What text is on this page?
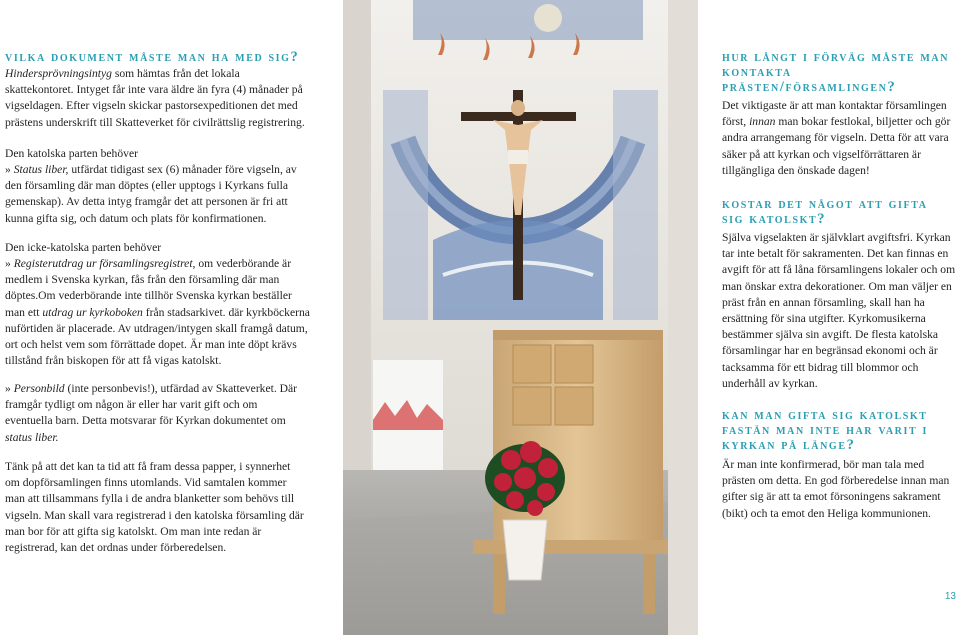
vilka dokument måste man ha med sig?

Hindersprövningsintyg som hämtas från det lokala skattekontoret. Intyget får inte vara äldre än fyra (4) månader på vigseldagen. Efter vigseln skickar pastorsexpeditionen det med prästens underskrift till Skatteverket för civilrättslig registrering.

Den katolska parten behöver

» Status liber, utfärdat tidigast sex (6) månader före vigseln, av den församling där man döptes (eller upptogs i Kyrkans fulla gemenskap). Av detta intyg framgår det att personen är fri att kunna gifta sig, och datum och plats för konfirmationen.

Den icke-katolska parten behöver

» Registerutdrag ur församlingsregistret, om vederbörande är medlem i Svenska kyrkan, fås från den församling där man döptes.Om vederbörande inte tillhör Svenska kyrkan beställer man ett utdrag ur kyrkoboken från stadsarkivet. där kyrkböckerna nuförtiden är placerade. Av utdragen/intygen skall framgå datum, ort och helst vem som förrättade dopet. Är man inte döpt krävs tillstånd från biskopen för att få vigas katolskt.

» Personbild (inte personbevis!), utfärdad av Skatteverket. Där framgår tydligt om någon är eller har varit gift och om eventuella barn. Detta motsvarar för Kyrkan dokumentet om status liber.

Tänk på att det kan ta tid att få fram dessa papper, i synnerhet om dopförsamlingen finns utomlands. Vid samtalen kommer man att tillsammans fylla i de andra blanketter som behövs till vigseln. Man skall vara registrerad i den katolska församling där man bor för att gifta sig katolskt. Om man inte redan är registrerad, kan det ordnas under förberedelsen.

hur långt i förväg måste man kontakta prästen/församlingen?

Det viktigaste är att man kontaktar församlingen först, innan man bokar festlokal, biljetter och gör andra arrangemang för vigseln. Detta för att vara säker på att kyrkan och vigselförrättaren är tillgängliga den önskade dagen!

kostar det något att gifta sig katolskt?

Själva vigselakten är självklart avgiftsfri. Kyrkan tar inte betalt för sakramenten. Det kan finnas en avgift för att få låna församlingens lokaler och om man önskar extra dekorationer. Om man väljer en präst från en annan församling, skall han ha ersättning för sina utgifter. Kyrkomusikerna bestämmer själva sin avgift. De flesta katolska församlingar har en begränsad ekonomi och är tacksamma för ett bidrag till blommor och underhåll av kyrkan.

kan man gifta sig katolskt fastän man inte har varit i kyrkan på länge?

Är man inte konfirmerad, bör man tala med prästen om detta. En god förberedelse innan man gifter sig är att ta emot försoningens sakrament (bikt) och ta emot den Heliga kommunionen.

13
